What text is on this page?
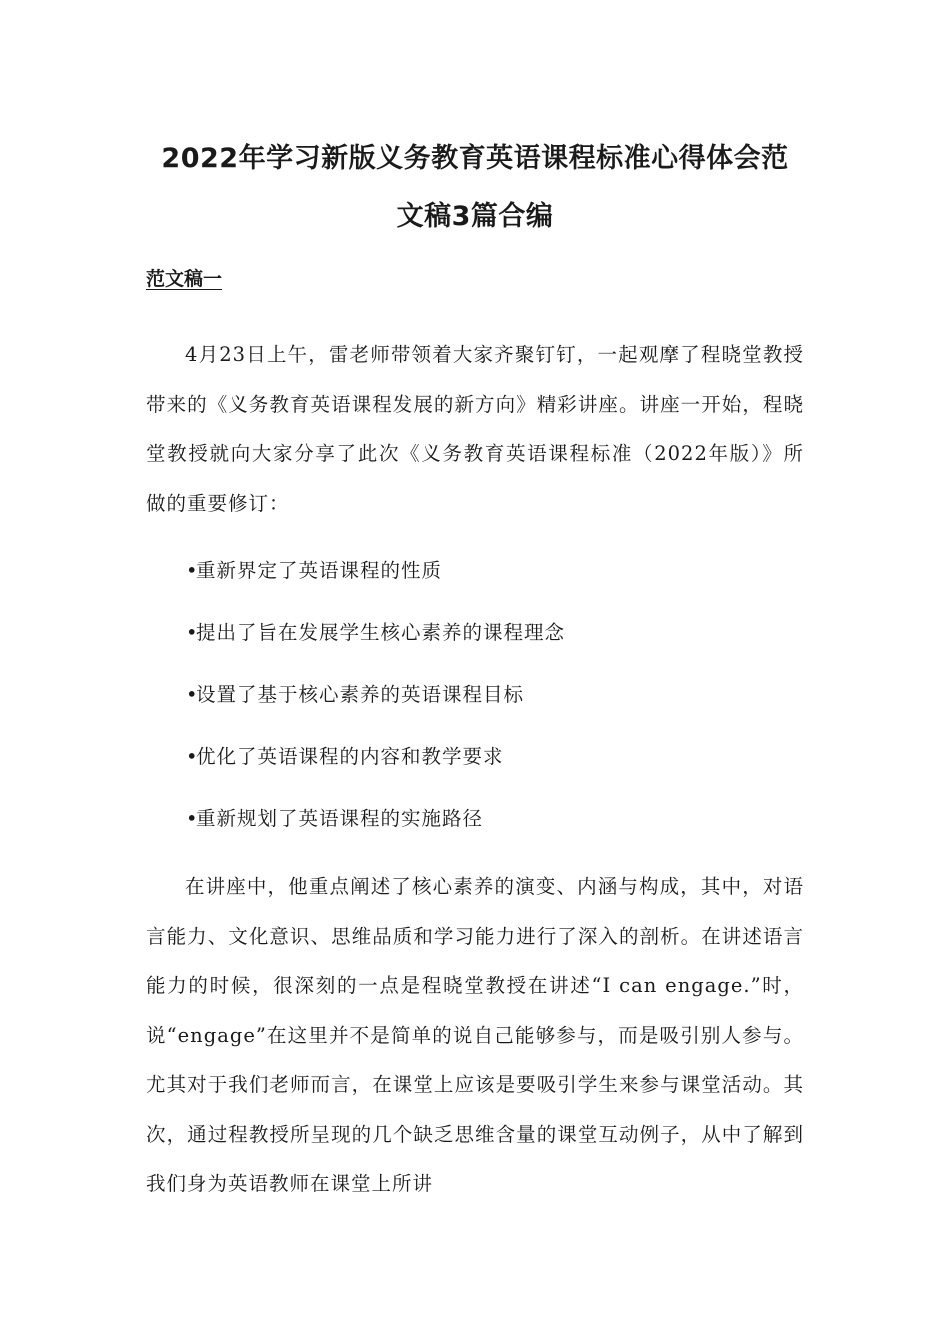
2022年学习新版义务教育英语课程标准心得体会范
文稿3篇合编
范文稿一

4月23日上午，雷老师带领着大家齐聚钉钉，一起观摩了程晓堂教授带来的《义务教育英语课程发展的新方向》精彩讲座。讲座一开始，程晓堂教授就向大家分享了此次《义务教育英语课程标准（2022年版）》所做的重要修订：

•重新界定了英语课程的性质
•提出了旨在发展学生核心素养的课程理念
•设置了基于核心素养的英语课程目标
•优化了英语课程的内容和教学要求
•重新规划了英语课程的实施路径

在讲座中，他重点阐述了核心素养的演变、内涵与构成，其中，对语言能力、文化意识、思维品质和学习能力进行了深入的剖析。在讲述语言能力的时候，很深刻的一点是程晓堂教授在讲述“I can engage.”时，说“engage”在这里并不是简单的说自己能够参与，而是吸引别人参与。尤其对于我们老师而言，在课堂上应该是要吸引学生来参与课堂活动。其次，通过程教授所呈现的几个缺乏思维含量的课堂互动例子，从中了解到我们身为英语教师在课堂上所讲
